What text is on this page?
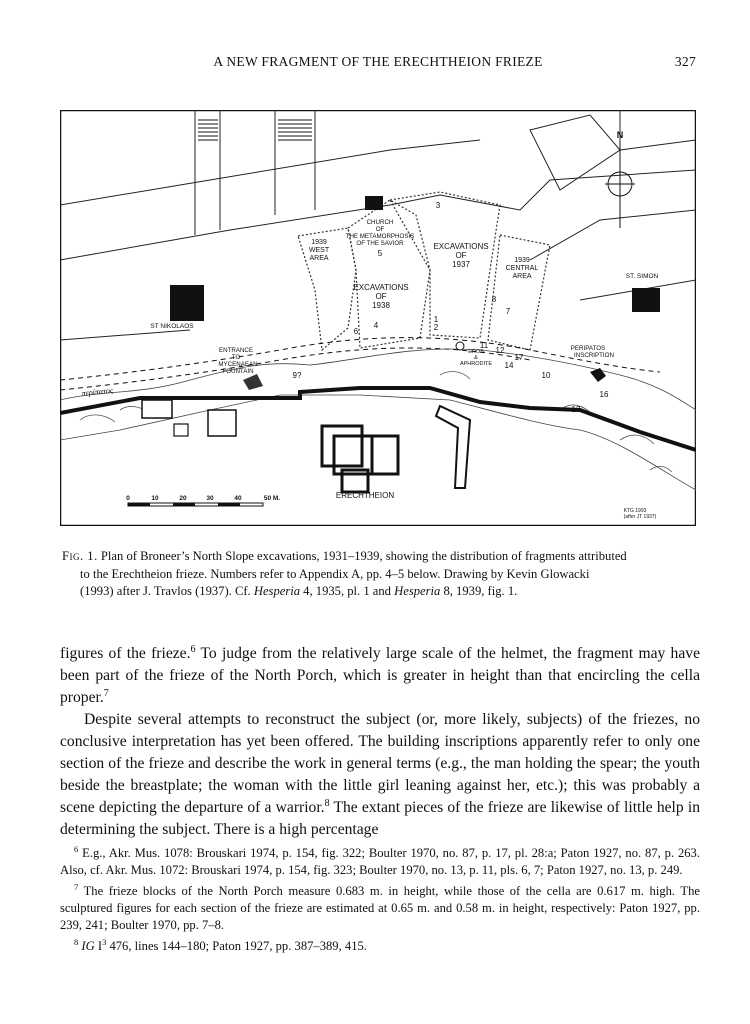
A NEW FRAGMENT OF THE ERECHTHEION FRIEZE	327
0	10	20	30	40	50 M.
CHURCH
OF
THE METAMORPHOSIS
OF THE SAVIOR
5
1939
WEST
AREA
EXCAVATIONS
OF
1937	1939
CENTRAL
AREA
EXCAVATIONS
OF
1938
ST. SIMON
ST NIKOLAOS
ENTRANCE
TO
MYCENAEAN
FOUNTAIN
EROS
&
APHRODITE
PERIPATOS
INSCRIPTION
ERECHTHEION
N
KTG 1993
(after JT 1937)
περίπατος
1
2
3
4
6
7
8
9?	10
11
12
13
14
16
17
Fig. 1. Plan of Broneer’s North Slope excavations, 1931–1939, showing the distribution of fragments attributed
to the Erechtheion frieze. Numbers refer to Appendix A, pp. 4–5 below. Drawing by Kevin Glowacki
(1993) after J. Travlos (1937). Cf. Hesperia 4, 1935, pl. 1 and Hesperia 8, 1939, fig. 1.

figures of the frieze.$^6$ To judge from the relatively large scale of the helmet, the fragment may have been part of the frieze of the North Porch, which is greater in height than that encircling the cella proper.$^7$

Despite several attempts to reconstruct the subject (or, more likely, subjects) of the friezes, no conclusive interpretation has yet been offered. The building inscriptions apparently refer to only one section of the frieze and describe the work in general terms (e.g., the man holding the spear; the youth beside the breastplate; the woman with the little girl leaning against her, etc.); this was probably a scene depicting the departure of a warrior.$^8$ The extant pieces of the frieze are likewise of little help in determining the subject. There is a high percentage

$^6$ E.g., Akr. Mus. 1078: Brouskari 1974, p. 154, fig. 322; Boulter 1970, no. 87, p. 17, pl. 28:a; Paton 1927, no. 87, p. 263. Also, cf. Akr. Mus. 1072: Brouskari 1974, p. 154, fig. 323; Boulter 1970, no. 13, p. 11, pls. 6, 7; Paton 1927, no. 13, p. 249.

$^7$ The frieze blocks of the North Porch measure 0.683 m. in height, while those of the cella are 0.617 m. high. The sculptured figures for each section of the frieze are estimated at 0.65 m. and 0.58 m. in height, respectively: Paton 1927, pp. 239, 241; Boulter 1970, pp. 7–8.

$^8$ IG $I^3$ 476, lines 144–180; Paton 1927, pp. 387–389, 415.
